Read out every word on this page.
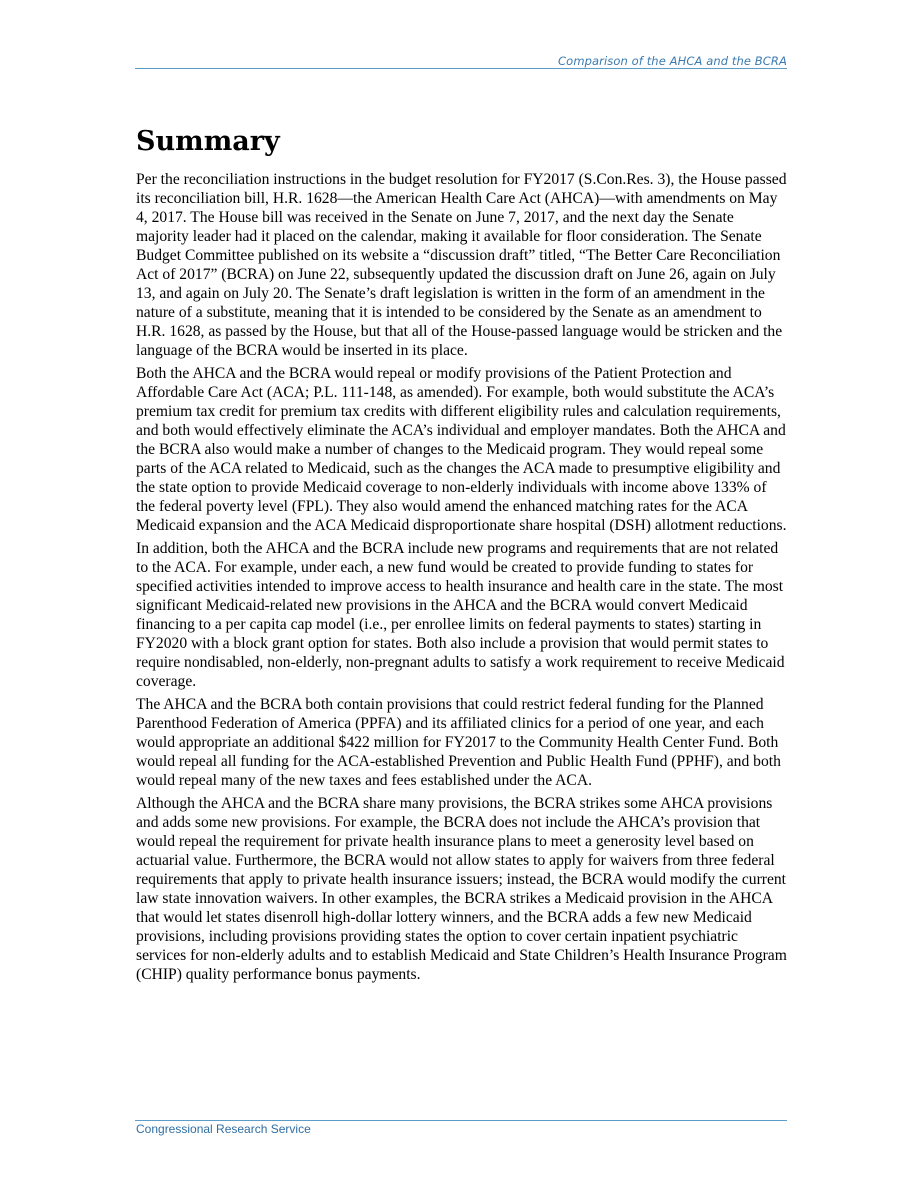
Comparison of the AHCA and the BCRA
Summary

Per the reconciliation instructions in the budget resolution for FY2017 (S.Con.Res. 3), the House passed its reconciliation bill, H.R. 1628—the American Health Care Act (AHCA)—with amendments on May 4, 2017. The House bill was received in the Senate on June 7, 2017, and the next day the Senate majority leader had it placed on the calendar, making it available for floor consideration. The Senate Budget Committee published on its website a “discussion draft” titled, “The Better Care Reconciliation Act of 2017” (BCRA) on June 22, subsequently updated the discussion draft on June 26, again on July 13, and again on July 20. The Senate’s draft legislation is written in the form of an amendment in the nature of a substitute, meaning that it is intended to be considered by the Senate as an amendment to H.R. 1628, as passed by the House, but that all of the House-passed language would be stricken and the language of the BCRA would be inserted in its place.

Both the AHCA and the BCRA would repeal or modify provisions of the Patient Protection and Affordable Care Act (ACA; P.L. 111-148, as amended). For example, both would substitute the ACA’s premium tax credit for premium tax credits with different eligibility rules and calculation requirements, and both would effectively eliminate the ACA’s individual and employer mandates. Both the AHCA and the BCRA also would make a number of changes to the Medicaid program. They would repeal some parts of the ACA related to Medicaid, such as the changes the ACA made to presumptive eligibility and the state option to provide Medicaid coverage to non-elderly individuals with income above 133% of the federal poverty level (FPL). They also would amend the enhanced matching rates for the ACA Medicaid expansion and the ACA Medicaid disproportionate share hospital (DSH) allotment reductions.

In addition, both the AHCA and the BCRA include new programs and requirements that are not related to the ACA. For example, under each, a new fund would be created to provide funding to states for specified activities intended to improve access to health insurance and health care in the state. The most significant Medicaid-related new provisions in the AHCA and the BCRA would convert Medicaid financing to a per capita cap model (i.e., per enrollee limits on federal payments to states) starting in FY2020 with a block grant option for states. Both also include a provision that would permit states to require nondisabled, non-elderly, non-pregnant adults to satisfy a work requirement to receive Medicaid coverage.

The AHCA and the BCRA both contain provisions that could restrict federal funding for the Planned Parenthood Federation of America (PPFA) and its affiliated clinics for a period of one year, and each would appropriate an additional $422 million for FY2017 to the Community Health Center Fund. Both would repeal all funding for the ACA-established Prevention and Public Health Fund (PPHF), and both would repeal many of the new taxes and fees established under the ACA.

Although the AHCA and the BCRA share many provisions, the BCRA strikes some AHCA provisions and adds some new provisions. For example, the BCRA does not include the AHCA’s provision that would repeal the requirement for private health insurance plans to meet a generosity level based on actuarial value. Furthermore, the BCRA would not allow states to apply for waivers from three federal requirements that apply to private health insurance issuers; instead, the BCRA would modify the current law state innovation waivers. In other examples, the BCRA strikes a Medicaid provision in the AHCA that would let states disenroll high-dollar lottery winners, and the BCRA adds a few new Medicaid provisions, including provisions providing states the option to cover certain inpatient psychiatric services for non-elderly adults and to establish Medicaid and State Children’s Health Insurance Program (CHIP) quality performance bonus payments.

Congressional Research Service
